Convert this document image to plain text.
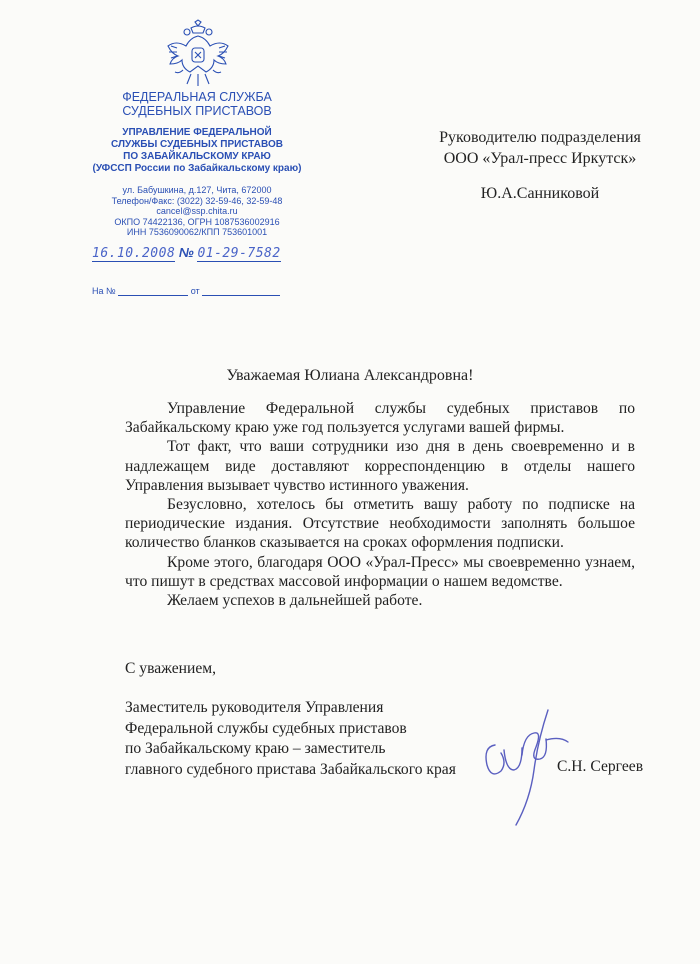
ФЕДЕРАЛЬНАЯ СЛУЖБА
СУДЕБНЫХ ПРИСТАВОВ
УПРАВЛЕНИЕ ФЕДЕРАЛЬНОЙ
СЛУЖБЫ СУДЕБНЫХ ПРИСТАВОВ
ПО ЗАБАЙКАЛЬСКОМУ КРАЮ
(УФССП России по Забайкальскому краю)
ул. Бабушкина, д.127, Чита, 672000
Телефон/Факс: (3022) 32-59-46, 32-59-48
cancel@ssp.chita.ru
ОКПО 74422136, ОГРН 1087536002916
ИНН 7536090062/КПП 753601001
16.10.2008 № 01-29-7582
На №	от
Руководителю подразделения
ООО «Урал-пресс Иркутск»
Ю.А.Санниковой
Уважаемая Юлиана Александровна!

Управление Федеральной службы судебных приставов по Забайкальскому краю уже год пользуется услугами вашей фирмы.

Тот факт, что ваши сотрудники изо дня в день своевременно и в надлежащем виде доставляют корреспонденцию в отделы нашего Управления вызывает чувство истинного уважения.

Безусловно, хотелось бы отметить вашу работу по подписке на периодические издания. Отсутствие необходимости заполнять большое количество бланков сказывается на сроках оформления подписки.

Кроме этого, благодаря ООО «Урал-Пресс» мы своевременно узнаем, что пишут в средствах массовой информации о нашем ведомстве.

Желаем успехов в дальнейшей работе.

С уважением,
Заместитель руководителя Управления
Федеральной службы судебных приставов
по Забайкальскому краю – заместитель
главного судебного пристава Забайкальского края	С.Н. Сергеев
